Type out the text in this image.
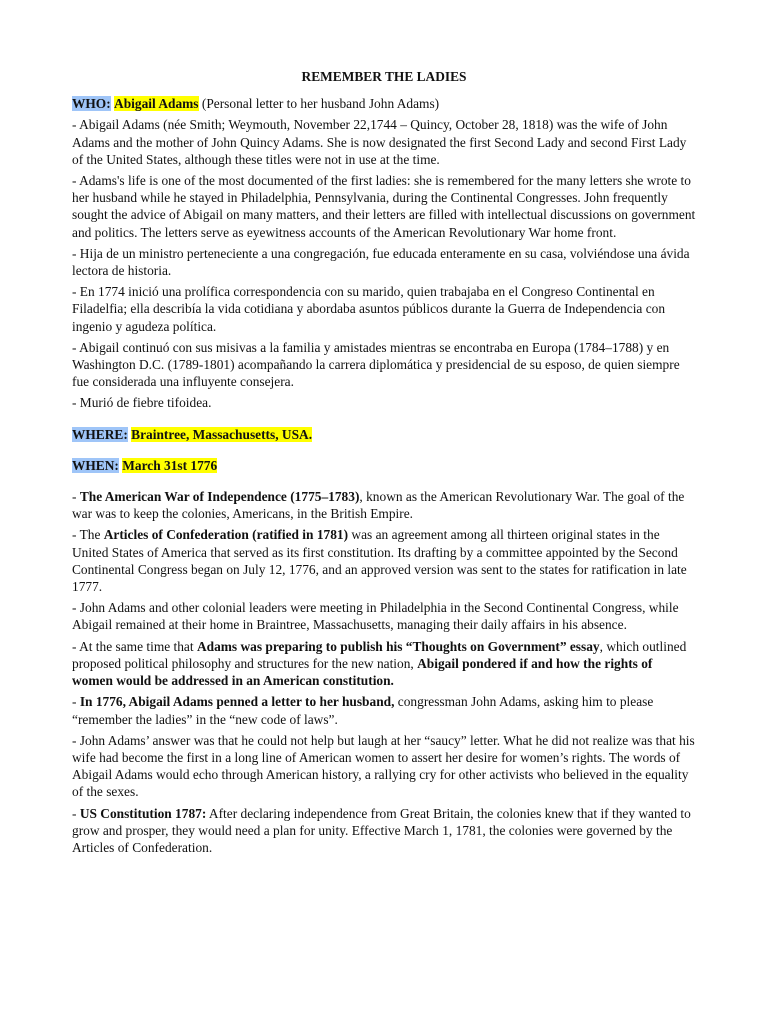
REMEMBER THE LADIES

WHO: Abigail Adams (Personal letter to her husband John Adams)

- Abigail Adams (née Smith; Weymouth, November 22,1744 – Quincy, October 28, 1818) was the wife of John Adams and the mother of John Quincy Adams. She is now designated the first Second Lady and second First Lady of the United States, although these titles were not in use at the time.

- Adams's life is one of the most documented of the first ladies: she is remembered for the many letters she wrote to her husband while he stayed in Philadelphia, Pennsylvania, during the Continental Congresses. John frequently sought the advice of Abigail on many matters, and their letters are filled with intellectual discussions on government and politics. The letters serve as eyewitness accounts of the American Revolutionary War home front.

- Hija de un ministro perteneciente a una congregación, fue educada enteramente en su casa, volviéndose una ávida lectora de historia.

- En 1774 inició una prolífica correspondencia con su marido, quien trabajaba en el Congreso Continental en Filadelfia; ella describía la vida cotidiana y abordaba asuntos públicos durante la Guerra de Independencia con ingenio y agudeza política.

- Abigail continuó con sus misivas a la familia y amistades mientras se encontraba en Europa (1784–1788) y en Washington D.C. (1789-1801) acompañando la carrera diplomática y presidencial de su esposo, de quien siempre fue considerada una influyente consejera.

- Murió de fiebre tifoidea.

WHERE: Braintree, Massachusetts, USA.

WHEN: March 31st 1776

- The American War of Independence (1775–1783), known as the American Revolutionary War. The goal of the war was to keep the colonies, Americans, in the British Empire.

- The Articles of Confederation (ratified in 1781) was an agreement among all thirteen original states in the United States of America that served as its first constitution. Its drafting by a committee appointed by the Second Continental Congress began on July 12, 1776, and an approved version was sent to the states for ratification in late 1777.

- John Adams and other colonial leaders were meeting in Philadelphia in the Second Continental Congress, while Abigail remained at their home in Braintree, Massachusetts, managing their daily affairs in his absence.

- At the same time that Adams was preparing to publish his “Thoughts on Government” essay, which outlined proposed political philosophy and structures for the new nation, Abigail pondered if and how the rights of women would be addressed in an American constitution.

- In 1776, Abigail Adams penned a letter to her husband, congressman John Adams, asking him to please “remember the ladies” in the “new code of laws”.

- John Adams’ answer was that he could not help but laugh at her “saucy” letter. What he did not realize was that his wife had become the first in a long line of American women to assert her desire for women’s rights. The words of Abigail Adams would echo through American history, a rallying cry for other activists who believed in the equality of the sexes.

- US Constitution 1787: After declaring independence from Great Britain, the colonies knew that if they wanted to grow and prosper, they would need a plan for unity. Effective March 1, 1781, the colonies were governed by the Articles of Confederation.
